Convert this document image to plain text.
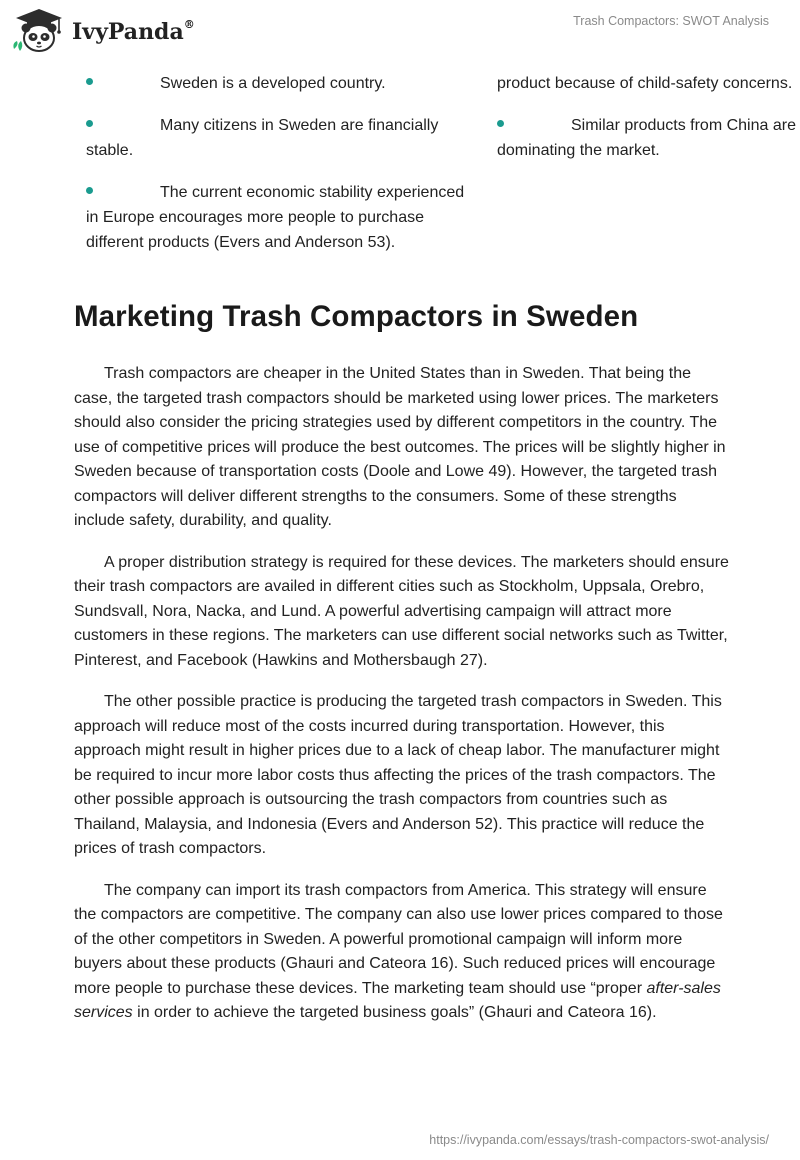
IvyPanda®	Trash Compactors: SWOT Analysis

Sweden is a developed country.
Many citizens in Sweden are financially stable.
The current economic stability experienced in Europe encourages more people to purchase different products (Evers and Anderson 53).
product because of child-safety concerns.
Similar products from China are dominating the market.
Marketing Trash Compactors in Sweden

Trash compactors are cheaper in the United States than in Sweden. That being the case, the targeted trash compactors should be marketed using lower prices. The marketers should also consider the pricing strategies used by different competitors in the country. The use of competitive prices will produce the best outcomes. The prices will be slightly higher in Sweden because of transportation costs (Doole and Lowe 49). However, the targeted trash compactors will deliver different strengths to the consumers. Some of these strengths include safety, durability, and quality.

A proper distribution strategy is required for these devices. The marketers should ensure their trash compactors are availed in different cities such as Stockholm, Uppsala, Orebro, Sundsvall, Nora, Nacka, and Lund. A powerful advertising campaign will attract more customers in these regions. The marketers can use different social networks such as Twitter, Pinterest, and Facebook (Hawkins and Mothersbaugh 27).

The other possible practice is producing the targeted trash compactors in Sweden. This approach will reduce most of the costs incurred during transportation. However, this approach might result in higher prices due to a lack of cheap labor. The manufacturer might be required to incur more labor costs thus affecting the prices of the trash compactors. The other possible approach is outsourcing the trash compactors from countries such as Thailand, Malaysia, and Indonesia (Evers and Anderson 52). This practice will reduce the prices of trash compactors.

The company can import its trash compactors from America. This strategy will ensure the compactors are competitive. The company can also use lower prices compared to those of the other competitors in Sweden. A powerful promotional campaign will inform more buyers about these products (Ghauri and Cateora 16). Such reduced prices will encourage more people to purchase these devices. The marketing team should use “proper after-sales services in order to achieve the targeted business goals” (Ghauri and Cateora 16).

https://ivypanda.com/essays/trash-compactors-swot-analysis/
